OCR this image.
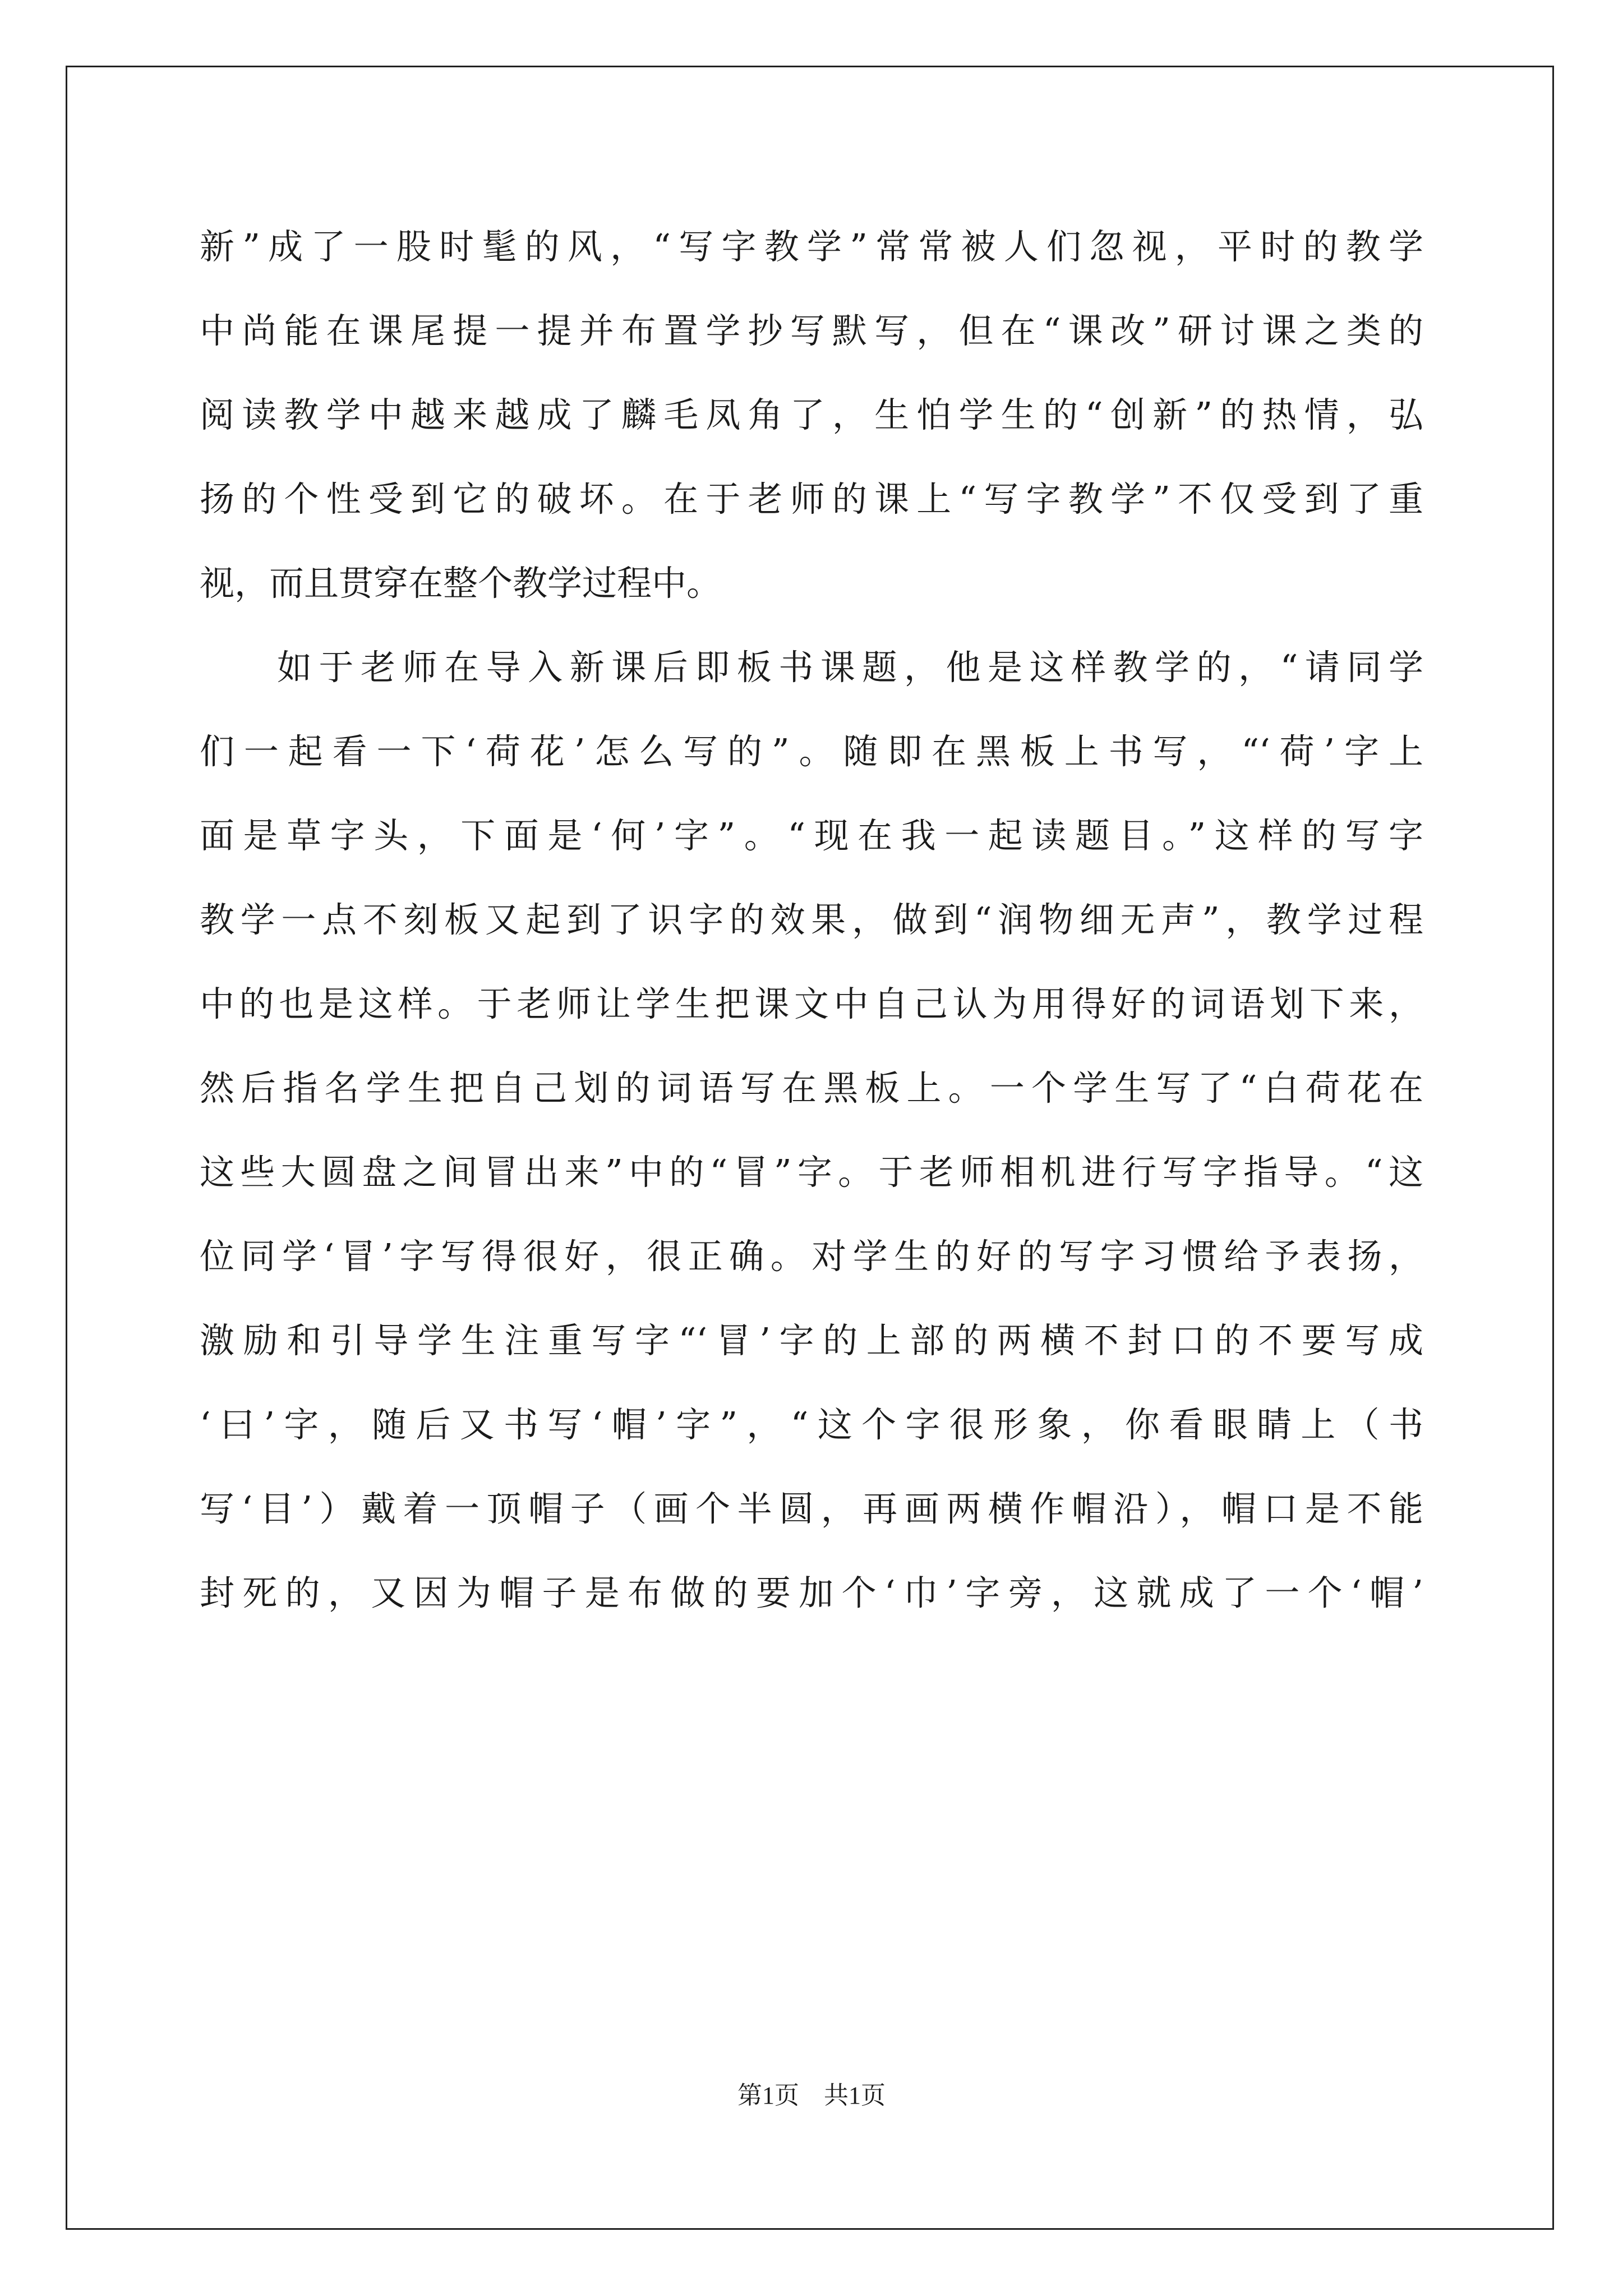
新”成了一股时髦的风，“写字教学”常常被人们忽视，平时的教学
中尚能在课尾提一提并布置学抄写默写，但在“课改”研讨课之类的
阅读教学中越来越成了麟毛凤角了，生怕学生的“创新”的热情，弘
扬的个性受到它的破坏。在于老师的课上“写字教学”不仅受到了重
视，而且贯穿在整个教学过程中。
如于老师在导入新课后即板书课题，他是这样教学的，“请同学
们一起看一下‘荷花’怎么写的”。随即在黑板上书写，“‘荷’字上
面是草字头，下面是‘何’字”。“现在我一起读题目。”这样的写字
教学一点不刻板又起到了识字的效果，做到“润物细无声”，教学过程
中的也是这样。于老师让学生把课文中自己认为用得好的词语划下来，
然后指名学生把自己划的词语写在黑板上。一个学生写了“白荷花在
这些大圆盘之间冒出来”中的“冒”字。于老师相机进行写字指导。“这
位同学‘冒’字写得很好，很正确。对学生的好的写字习惯给予表扬，
激励和引导学生注重写字“‘冒’字的上部的两横不封口的不要写成
‘曰’字，随后又书写‘帽’字”，“这个字很形象，你看眼睛上（书
写‘目’）戴着一顶帽子（画个半圆，再画两横作帽沿），帽口是不能
封死的，又因为帽子是布做的要加个‘巾’字旁，这就成了一个‘帽’
第1页　共1页
